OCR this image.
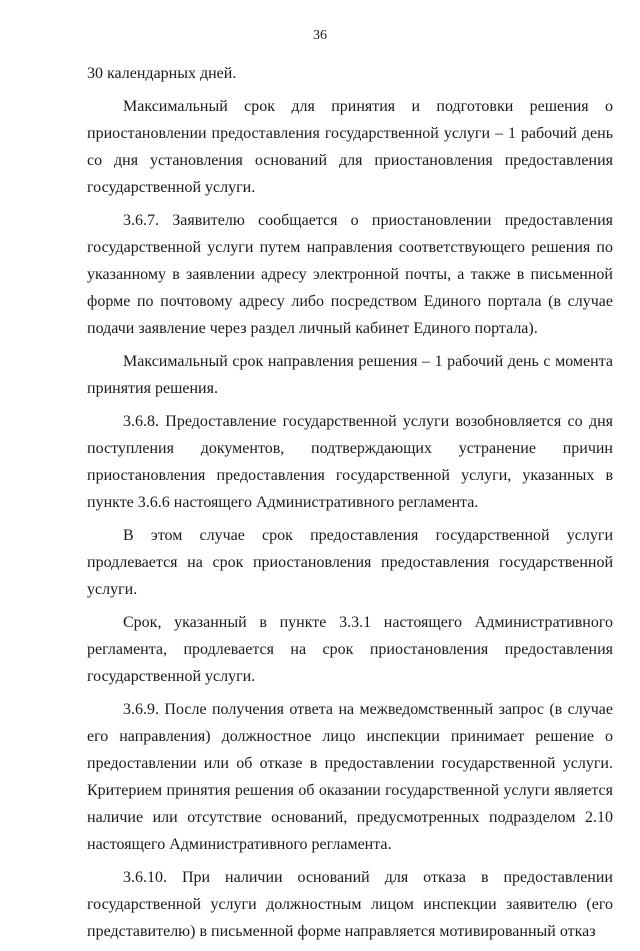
36

30 календарных дней.

Максимальный срок для принятия и подготовки решения о приостановлении предоставления государственной услуги – 1 рабочий день со дня установления оснований для приостановления предоставления государственной услуги.

3.6.7. Заявителю сообщается о приостановлении предоставления государственной услуги путем направления соответствующего решения по указанному в заявлении адресу электронной почты, а также в письменной форме по почтовому адресу либо посредством Единого портала (в случае подачи заявление через раздел личный кабинет Единого портала).

Максимальный срок направления решения – 1 рабочий день с момента принятия решения.

3.6.8. Предоставление государственной услуги возобновляется со дня поступления документов, подтверждающих устранение причин приостановления предоставления государственной услуги, указанных в пункте 3.6.6 настоящего Административного регламента.

В этом случае срок предоставления государственной услуги продлевается на срок приостановления предоставления государственной услуги.

Срок, указанный в пункте 3.3.1 настоящего Административного регламента, продлевается на срок приостановления предоставления государственной услуги.

3.6.9. После получения ответа на межведомственный запрос (в случае его направления) должностное лицо инспекции принимает решение о предоставлении или об отказе в предоставлении государственной услуги. Критерием принятия решения об оказании государственной услуги является наличие или отсутствие оснований, предусмотренных подразделом 2.10 настоящего Административного регламента.

3.6.10. При наличии оснований для отказа в предоставлении государственной услуги должностным лицом инспекции заявителю (его представителю) в письменной форме направляется мотивированный отказ
